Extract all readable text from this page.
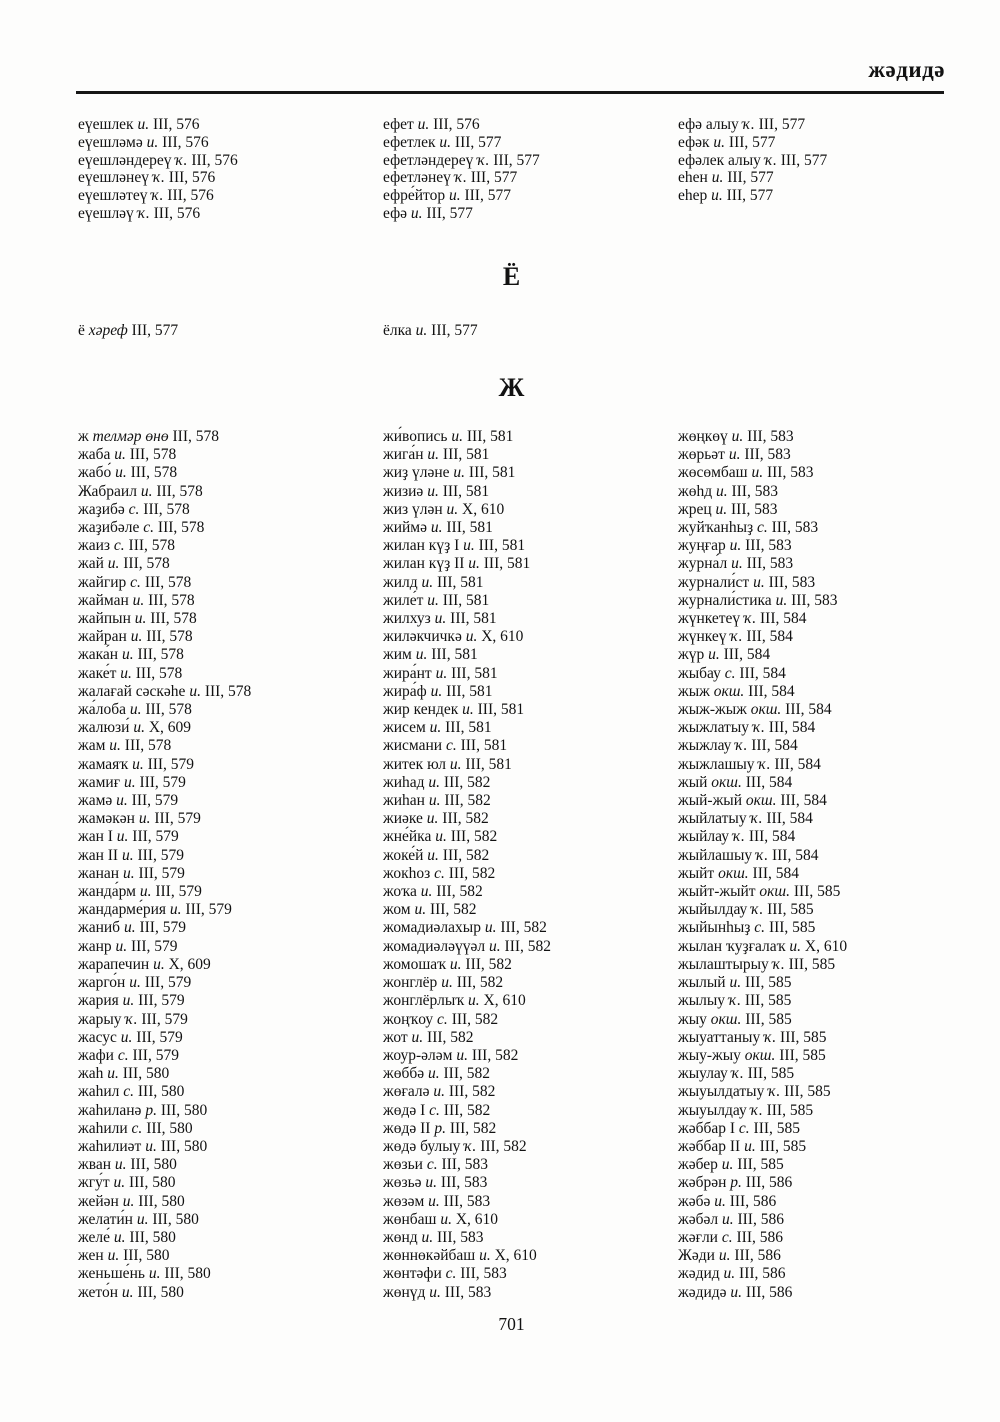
жәдидә
еүешлек и. III, 576
еүешләмә и. III, 576
еүешләндереү ҡ. III, 576
еүешләнеү ҡ. III, 576
еүешләтеү ҡ. III, 576
еүешләү ҡ. III, 576
ефет и. III, 576
ефетлек и. III, 577
ефетләндереү ҡ. III, 577
ефетләнеү ҡ. III, 577
ефре́йтор и. III, 577
ефә и. III, 577
ефә алыу ҡ. III, 577
ефәк и. III, 577
ефәлек алыу ҡ. III, 577
еһен и. III, 577
еһер и. III, 577
Ё
ё хәреф III, 577	ёлка и. III, 577
Ж
ж телмәр өнө III, 578
жаба и. III, 578
жабо́ и. III, 578
Жабраил и. III, 578
жаҙибә с. III, 578
жаҙибәле с. III, 578
жаиз с. III, 578
жай и. III, 578
жайгир с. III, 578
жайман и. III, 578
жайпын и. III, 578
жайран и. III, 578
жака́н и. III, 578
жаке́т и. III, 578
жалағай сәскәһе и. III, 578
жа́лоба и. III, 578
жалюзи́ и. X, 609
жам и. III, 578
жамаяҡ и. III, 579
жамиғ и. III, 579
жамә и. III, 579
жамәкән и. III, 579
жан I и. III, 579
жан II и. III, 579
жанан и. III, 579
жанда́рм и. III, 579
жандарме́рия и. III, 579
жаниб и. III, 579
жанр и. III, 579
жарапечин и. X, 609
жарго́н и. III, 579
жария и. III, 579
жарыу ҡ. III, 579
жасус и. III, 579
жафи с. III, 579
жаһ и. III, 580
жаһил с. III, 580
жаһиланә р. III, 580
жаһили с. III, 580
жаһилиәт и. III, 580
жван и. III, 580
жгу́т и. III, 580
жейән и. III, 580
желати́н и. III, 580
желе́ и. III, 580
жен и. III, 580
женьше́нь и. III, 580
жето́н и. III, 580
жи́вопись и. III, 581
жига́н и. III, 581
жиҙ үләне и. III, 581
жизиә и. III, 581
жиз үлән и. X, 610
жиймә и. III, 581
жилан күҙ I и. III, 581
жилан күҙ II и. III, 581
жилд и. III, 581
жиле́т и. III, 581
жилхуз и. III, 581
жиләкчичкә и. X, 610
жим и. III, 581
жира́нт и. III, 581
жира́ф и. III, 581
жир кендек и. III, 581
жисем и. III, 581
жисмани с. III, 581
житек юл и. III, 581
жиһад и. III, 582
жиһан и. III, 582
жиәке и. III, 582
жне́йка и. III, 582
жоке́й и. III, 582
жокһоз с. III, 582
жоҡа и. III, 582
жом и. III, 582
жомадиәлахыр и. III, 582
жомадиәләүүәл и. III, 582
жомошаҡ и. III, 582
жонглёр и. III, 582
жонглёрлыҡ и. X, 610
жоңҡоу с. III, 582
жот и. III, 582
жоур-әләм и. III, 582
жөббә и. III, 582
жөғалә и. III, 582
жөдә I с. III, 582
жөдә II р. III, 582
жөдә булыу ҡ. III, 582
жөзьи с. III, 583
жөзьә и. III, 583
жөзәм и. III, 583
жөнбаш и. X, 610
жөнд и. III, 583
жөннөкәйбаш и. X, 610
жөнтәфи с. III, 583
жөнүд и. III, 583
жөңкөү и. III, 583
жөрьәт и. III, 583
жөсөмбаш и. III, 583
жөһд и. III, 583
жрец и. III, 583
жуйҡанһыҙ с. III, 583
жуңғар и. III, 583
журна́л и. III, 583
журнали́ст и. III, 583
журнали́стика и. III, 583
жүнкетеү ҡ. III, 584
жүнкеү ҡ. III, 584
жүр и. III, 584
жыбау с. III, 584
жыж окш. III, 584
жыж-жыж окш. III, 584
жыжлатыу ҡ. III, 584
жыжлау ҡ. III, 584
жыжлашыу ҡ. III, 584
жый окш. III, 584
жый-жый окш. III, 584
жыйлатыу ҡ. III, 584
жыйлау ҡ. III, 584
жыйлашыу ҡ. III, 584
жыйт окш. III, 584
жыйт-жыйт окш. III, 585
жыйылдау ҡ. III, 585
жыйынһыҙ с. III, 585
жылан ҡуҙғалаҡ и. X, 610
жылаштырыу ҡ. III, 585
жылый и. III, 585
жылыу ҡ. III, 585
жыу окш. III, 585
жыуаттаныу ҡ. III, 585
жыу-жыу окш. III, 585
жыулау ҡ. III, 585
жыуылдатыу ҡ. III, 585
жыуылдау ҡ. III, 585
жәббар I с. III, 585
жәббар II и. III, 585
жәбер и. III, 585
жәбрән р. III, 586
жәбә и. III, 586
жәбәл и. III, 586
жәғли с. III, 586
Жәди и. III, 586
жәдид и. III, 586
жәдидә и. III, 586
701
